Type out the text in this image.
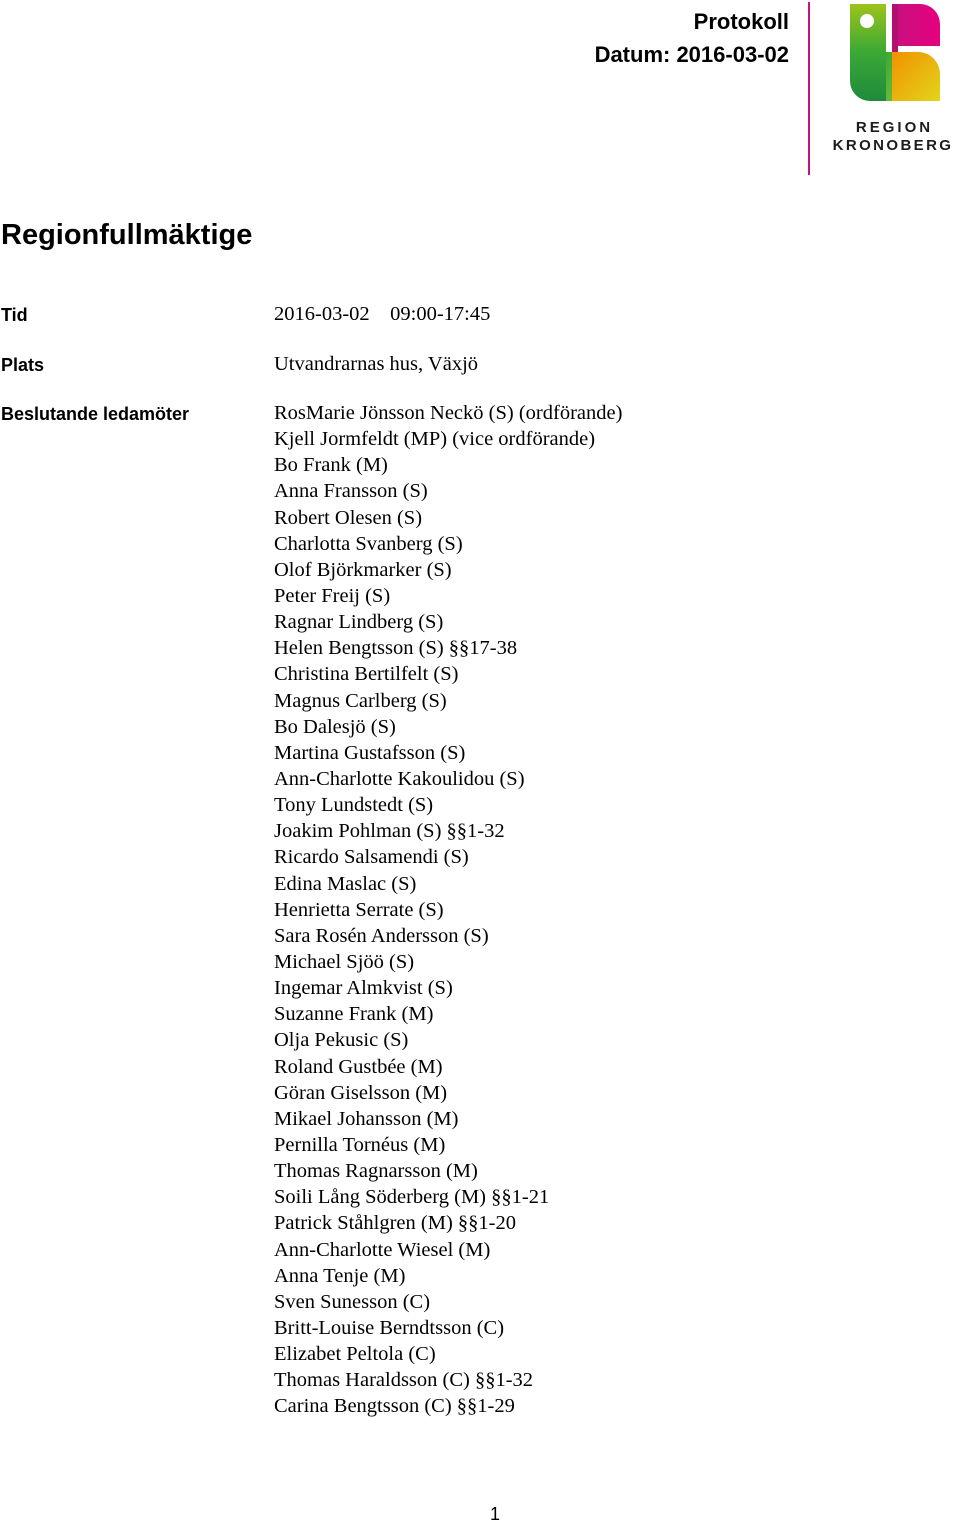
Protokoll
Datum: 2016-03-02
REGION
KRONOBERG
Regionfullmäktige
Tid	2016-03-02    09:00-17:45
Plats	Utvandrarnas hus, Växjö
Beslutande ledamöter	RosMarie Jönsson Neckö (S) (ordförande)
Kjell Jormfeldt (MP) (vice ordförande)
Bo Frank (M)
Anna Fransson (S)
Robert Olesen (S)
Charlotta Svanberg (S)
Olof Björkmarker (S)
Peter Freij (S)
Ragnar Lindberg (S)
Helen Bengtsson (S) §§17-38
Christina Bertilfelt (S)
Magnus Carlberg (S)
Bo Dalesjö (S)
Martina Gustafsson (S)
Ann-Charlotte Kakoulidou (S)
Tony Lundstedt (S)
Joakim Pohlman (S) §§1-32
Ricardo Salsamendi (S)
Edina Maslac (S)
Henrietta Serrate (S)
Sara Rosén Andersson (S)
Michael Sjöö (S)
Ingemar Almkvist (S)
Suzanne Frank (M)
Olja Pekusic (S)
Roland Gustbée (M)
Göran Giselsson (M)
Mikael Johansson (M)
Pernilla Tornéus (M)
Thomas Ragnarsson (M)
Soili Lång Söderberg (M) §§1-21
Patrick Ståhlgren (M) §§1-20
Ann-Charlotte Wiesel (M)
Anna Tenje (M)
Sven Sunesson (C)
Britt-Louise Berndtsson (C)
Elizabet Peltola (C)
Thomas Haraldsson (C) §§1-32
Carina Bengtsson (C) §§1-29
1
